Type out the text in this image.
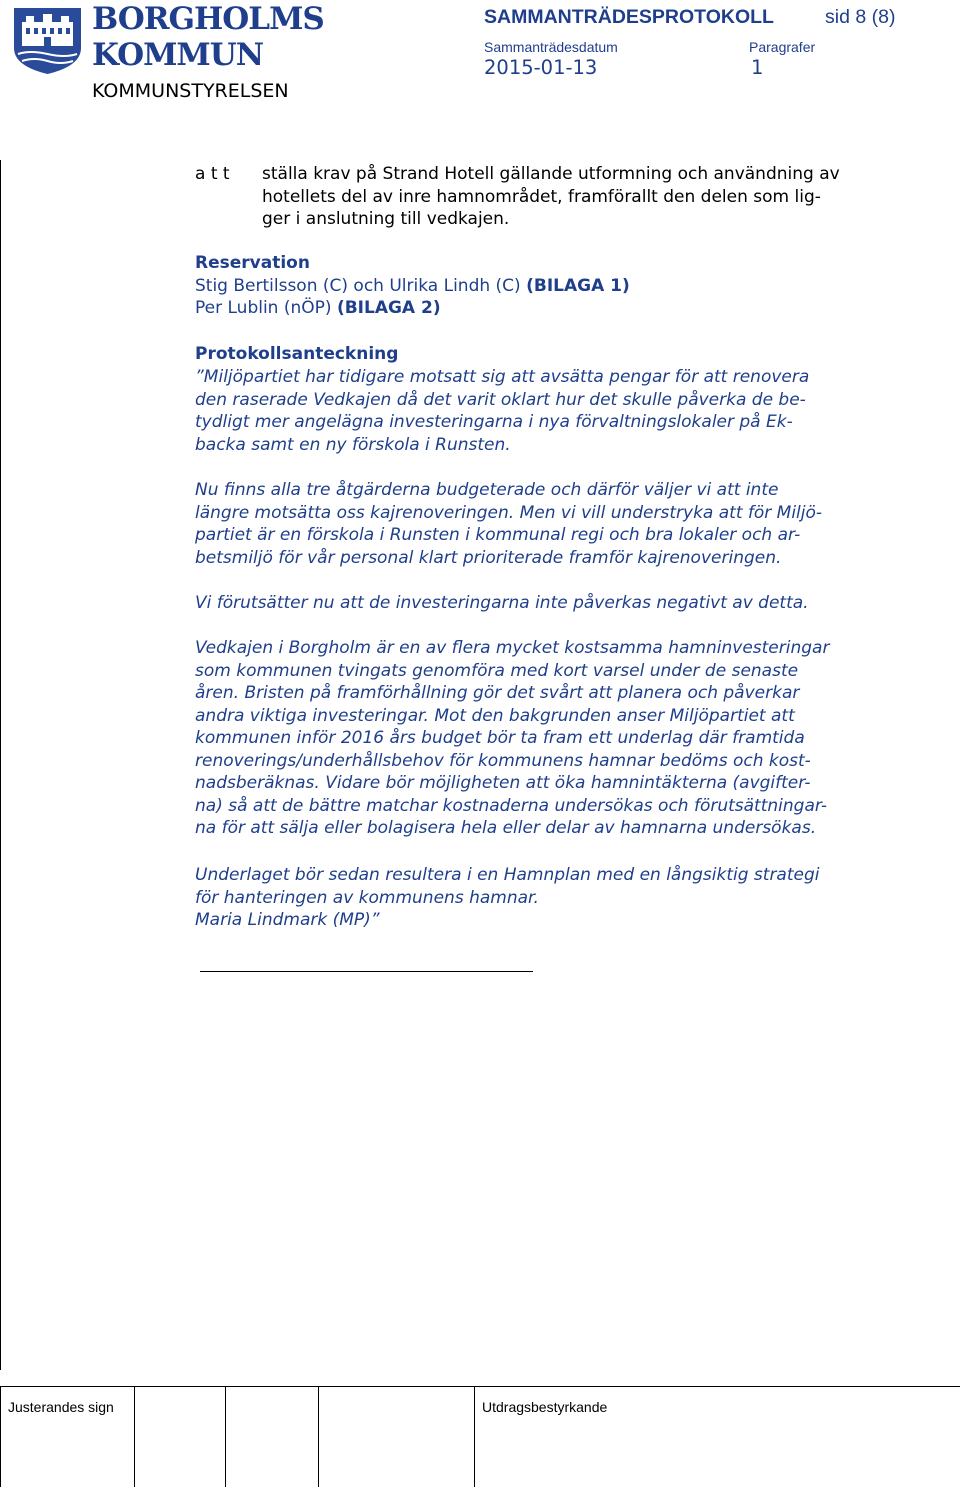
BORGHOLMS
KOMMUN
KOMMUNSTYRELSEN
SAMMANTRÄDESPROTOKOLL	sid 8 (8)
Sammanträdesdatum	Paragrafer
2015-01-13	1
a t t ställa krav på Strand Hotell gällande utformning och användning av
hotellets del av inre hamnområdet, framförallt den delen som lig-
ger i anslutning till vedkajen.
Reservation
Stig Bertilsson (C) och Ulrika Lindh (C) (BILAGA 1)
Per Lublin (nÖP) (BILAGA 2)
Protokollsanteckning
”Miljöpartiet har tidigare motsatt sig att avsätta pengar för att renovera
den raserade Vedkajen då det varit oklart hur det skulle påverka de be-
tydligt mer angelägna investeringarna i nya förvaltningslokaler på Ek-
backa samt en ny förskola i Runsten.
Nu finns alla tre åtgärderna budgeterade och därför väljer vi att inte
längre motsätta oss kajrenoveringen. Men vi vill understryka att för Miljö-
partiet är en förskola i Runsten i kommunal regi och bra lokaler och ar-
betsmiljö för vår personal klart prioriterade framför kajrenoveringen.
Vi förutsätter nu att de investeringarna inte påverkas negativt av detta.
Vedkajen i Borgholm är en av flera mycket kostsamma hamninvesteringar
som kommunen tvingats genomföra med kort varsel under de senaste
åren. Bristen på framförhållning gör det svårt att planera och påverkar
andra viktiga investeringar. Mot den bakgrunden anser Miljöpartiet att
kommunen inför 2016 års budget bör ta fram ett underlag där framtida
renoverings/underhållsbehov för kommunens hamnar bedöms och kost-
nadsberäknas. Vidare bör möjligheten att öka hamnintäkterna (avgifter-
na) så att de bättre matchar kostnaderna undersökas och förutsättningar-
na för att sälja eller bolagisera hela eller delar av hamnarna undersökas.
Underlaget bör sedan resultera i en Hamnplan med en långsiktig strategi
för hanteringen av kommunens hamnar.
Maria Lindmark (MP)”
Justerandes sign	Utdragsbestyrkande
